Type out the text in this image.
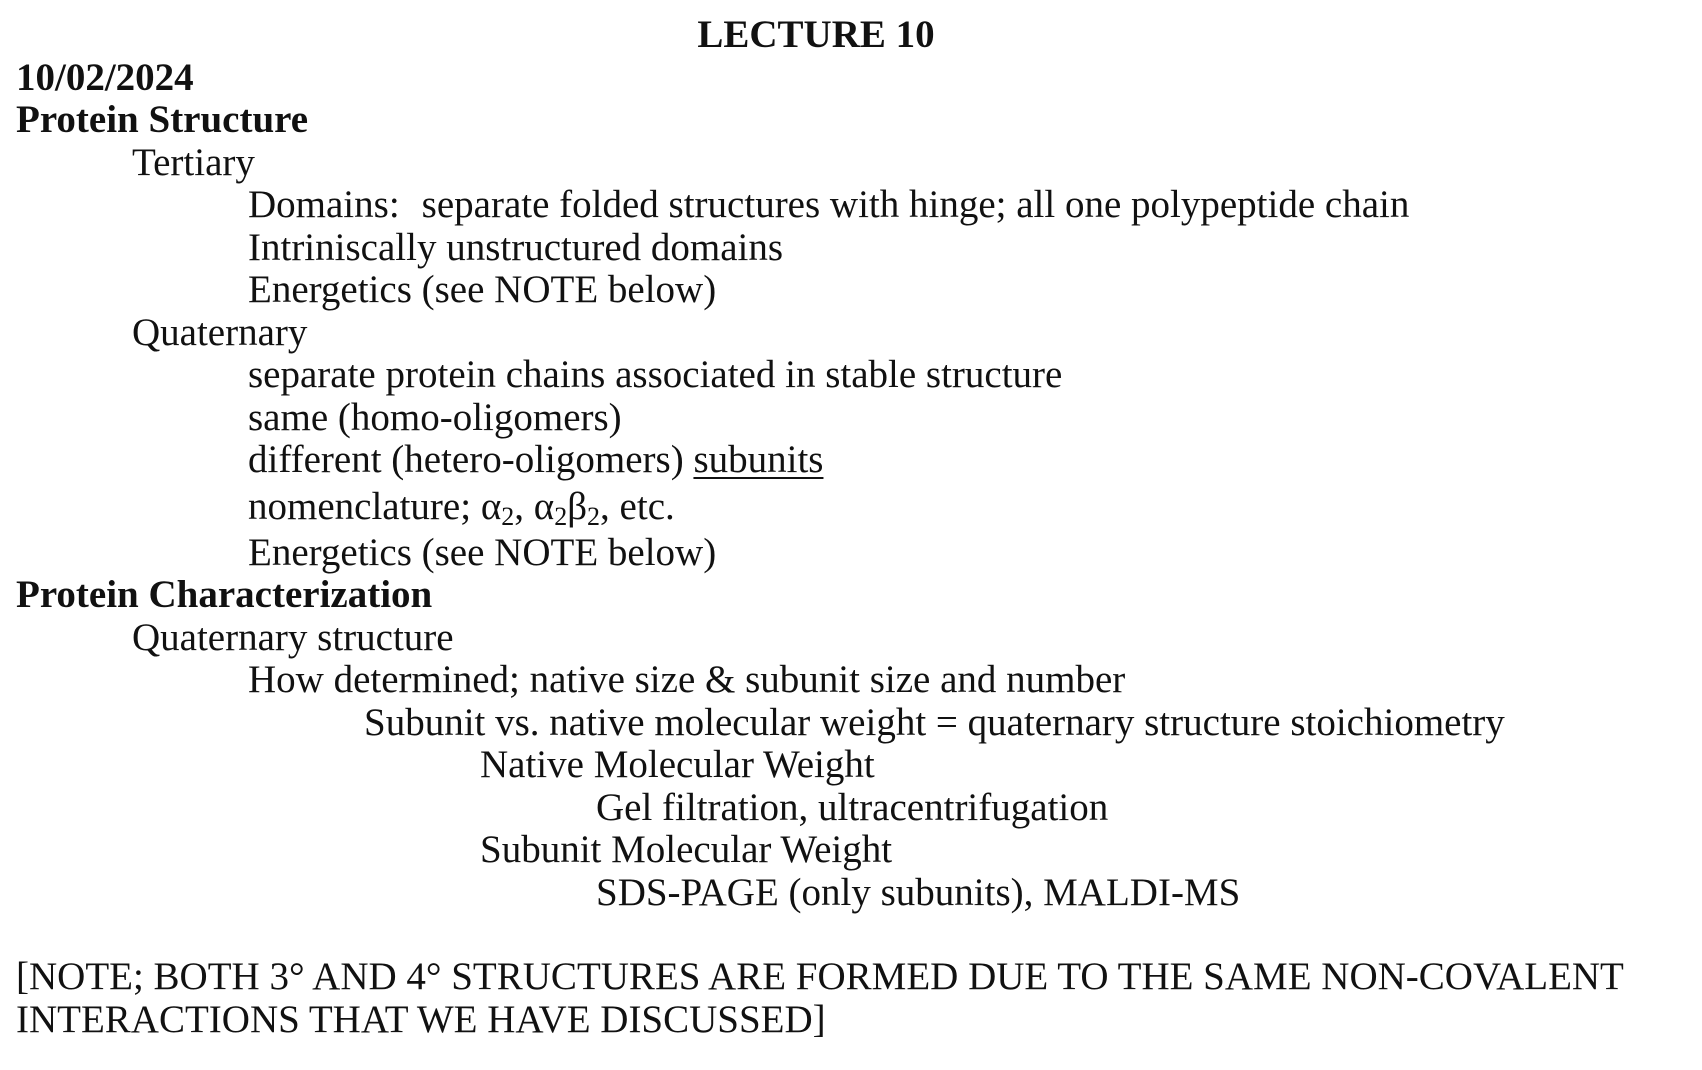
LECTURE 10
10/02/2024
Protein Structure
Tertiary
Domains: separate folded structures with hinge; all one polypeptide chain
Intriniscally unstructured domains
Energetics (see NOTE below)
Quaternary
separate protein chains associated in stable structure
same (homo-oligomers)
different (hetero-oligomers) subunits
nomenclature; $\alpha_2$, $\alpha_2\beta_2$, etc.
Energetics (see NOTE below)
Protein Characterization
Quaternary structure
How determined; native size & subunit size and number
Subunit vs. native molecular weight = quaternary structure stoichiometry
Native Molecular Weight
Gel filtration, ultracentrifugation
Subunit Molecular Weight
SDS-PAGE (only subunits), MALDI-MS
[NOTE; BOTH 3° AND 4° STRUCTURES ARE FORMED DUE TO THE SAME NON-COVALENT
INTERACTIONS THAT WE HAVE DISCUSSED]
